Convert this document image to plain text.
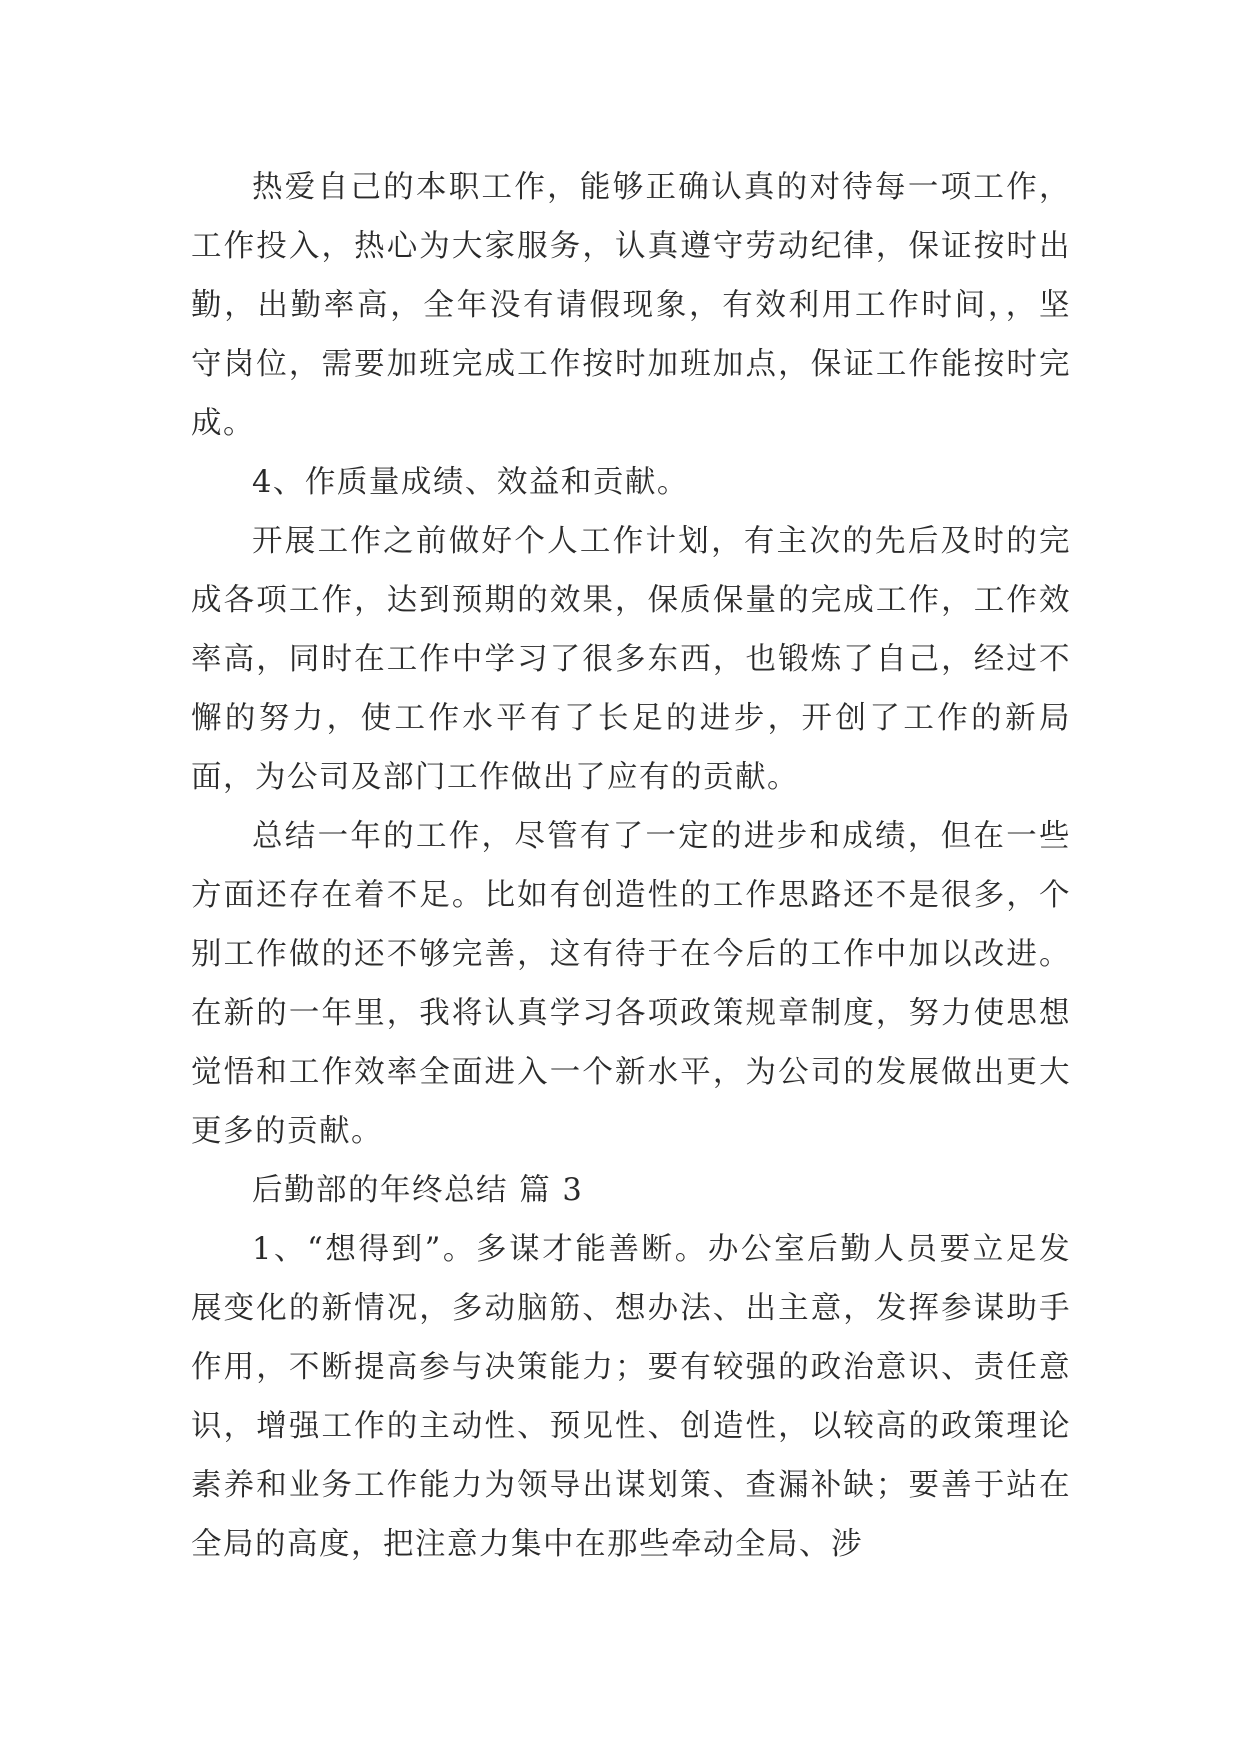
热爱自己的本职工作，能够正确认真的对待每一项工作，工作投入，热心为大家服务，认真遵守劳动纪律，保证按时出勤，出勤率高，全年没有请假现象，有效利用工作时间，，坚守岗位，需要加班完成工作按时加班加点，保证工作能按时完成。

4、作质量成绩、效益和贡献。

开展工作之前做好个人工作计划，有主次的先后及时的完成各项工作，达到预期的效果，保质保量的完成工作，工作效率高，同时在工作中学习了很多东西，也锻炼了自己，经过不懈的努力，使工作水平有了长足的进步，开创了工作的新局面，为公司及部门工作做出了应有的贡献。

总结一年的工作，尽管有了一定的进步和成绩，但在一些方面还存在着不足。比如有创造性的工作思路还不是很多，个别工作做的还不够完善，这有待于在今后的工作中加以改进。在新的一年里，我将认真学习各项政策规章制度，努力使思想觉悟和工作效率全面进入一个新水平，为公司的发展做出更大更多的贡献。

后勤部的年终总结 篇 3

1、“想得到”。多谋才能善断。办公室后勤人员要立足发展变化的新情况，多动脑筋、想办法、出主意，发挥参谋助手作用，不断提高参与决策能力；要有较强的政治意识、责任意识，增强工作的主动性、预见性、创造性，以较高的政策理论素养和业务工作能力为领导出谋划策、查漏补缺；要善于站在全局的高度，把注意力集中在那些牵动全局、涉
